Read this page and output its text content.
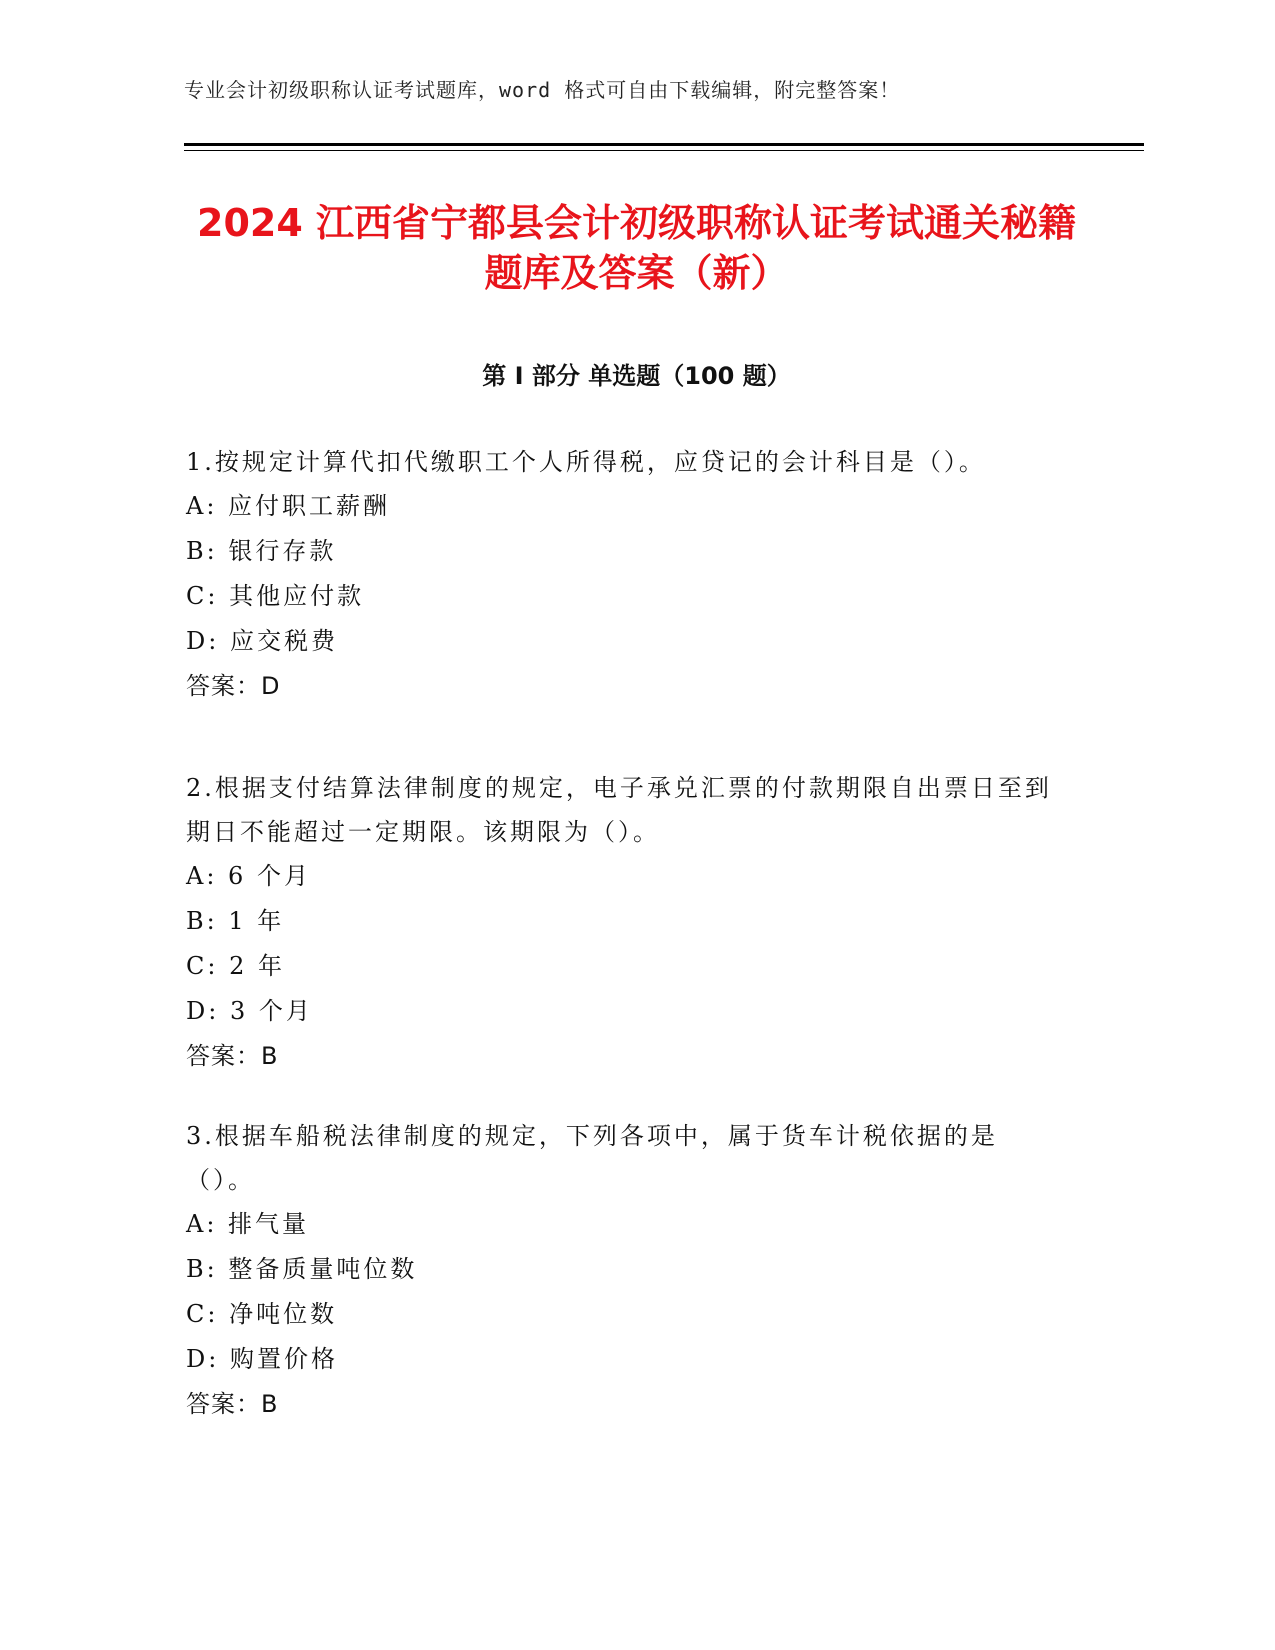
专业会计初级职称认证考试题库，word 格式可自由下载编辑，附完整答案！
2024 江西省宁都县会计初级职称认证考试通关秘籍题库及答案（新）
第 I 部分 单选题（100 题）
1.按规定计算代扣代缴职工个人所得税，应贷记的会计科目是（）。
A: 应付职工薪酬
B: 银行存款
C: 其他应付款
D: 应交税费
答案：D
2.根据支付结算法律制度的规定，电子承兑汇票的付款期限自出票日至到期日不能超过一定期限。该期限为（）。
A: 6 个月
B: 1 年
C: 2 年
D: 3 个月
答案：B
3.根据车船税法律制度的规定，下列各项中，属于货车计税依据的是（）。
A: 排气量
B: 整备质量吨位数
C: 净吨位数
D: 购置价格
答案：B
